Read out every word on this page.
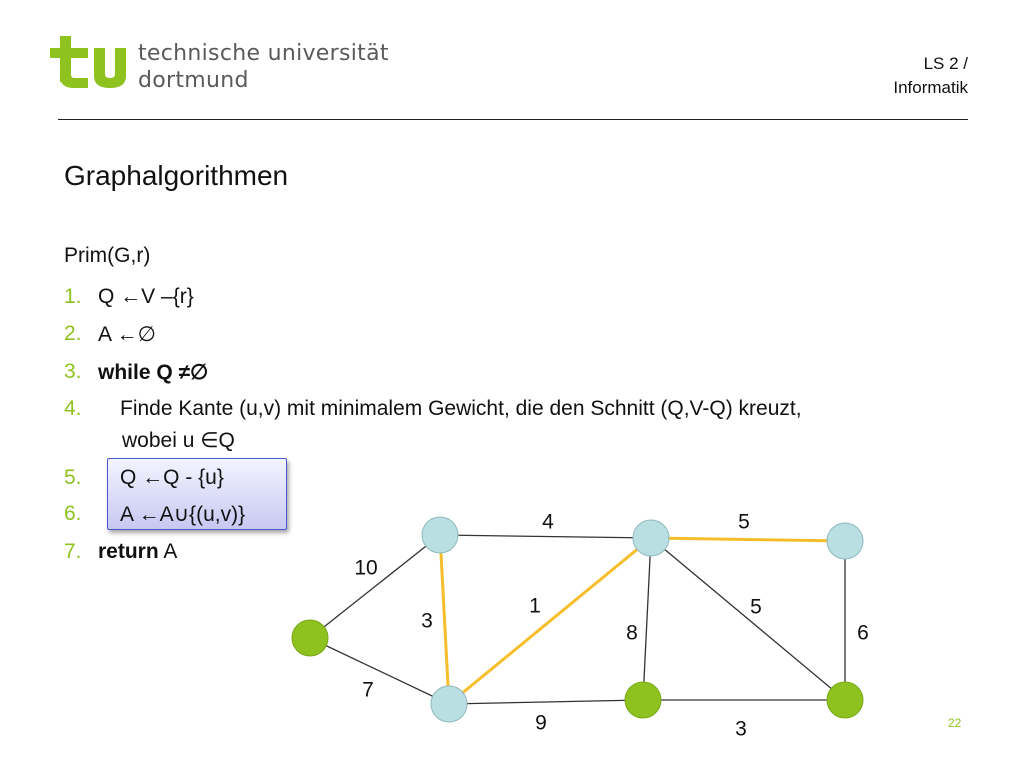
technische universität
dortmund
LS 2 /
Informatik
Graphalgorithmen
Prim(G,r)
1. Q ←V –{r}
2. A ←∅
3. while Q ≠∅
4. Finde Kante (u,v) mit minimalem Gewicht, die den Schnitt (Q,V-Q) kreuzt,
wobei u ∈Q
5. Q ←Q - {u}
6. A ←A∪{(u,v)}
7. return A
10
7
3
4
1
9
5
8
5
6
3	22
